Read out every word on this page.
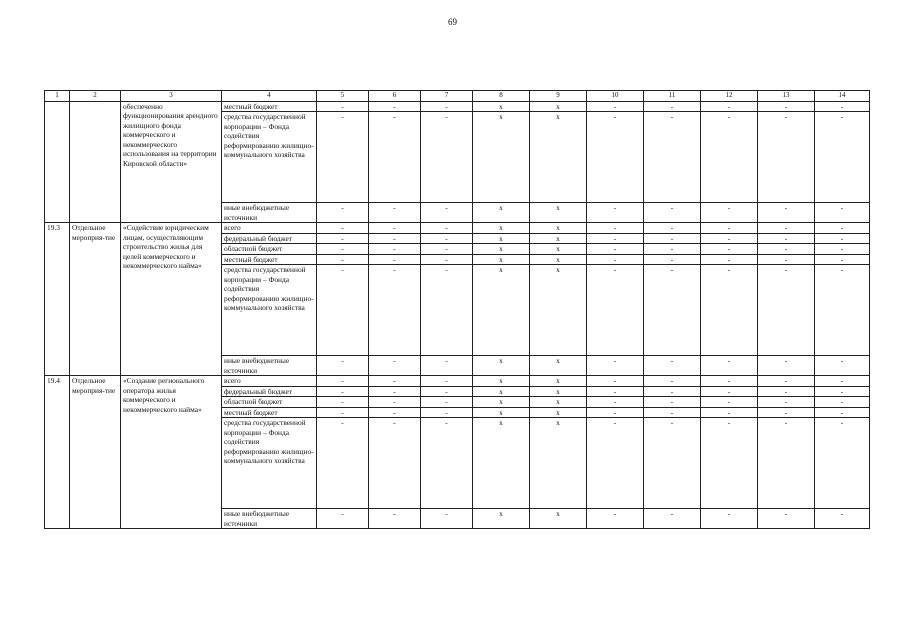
69
1	2	3	4	5	6	7	8	9	10	11	12	13	14
		обеспеченно функционирования арендного жилищного фонда коммерческого и некоммерческого использования на территории Кировской области»	местный бюджет	-	-	-	x	x	-	-	-	-	-
			средства государственной корпорации – Фонда содействия реформированию жилищно-коммунального хозяйства	-	-	-	x	x	-	-	-	-	-
			иные внебюджетные источники	-	-	-	x	x	-	-	-	-	-
19.3	Отдельное мероприя-тие	«Содействие юридическим лицам, осуществляющим строительство жилья для целей коммерческого и некоммерческого найма»	всего	-	-	-	x	x	-	-	-	-	-
			федеральный бюджет	-	-	-	x	x	-	-	-	-	-
			областной бюджет	-	-	-	x	x	-	-	-	-	-
			местный бюджет	-	-	-	x	x	-	-	-	-	-
			средства государственной корпорации – Фонда содействия реформированию жилищно-коммунального хозяйства	-	-	-	x	x	-	-	-	-	-
			иные внебюджетные источники	-	-	-	x	x	-	-	-	-	-
19.4	Отдельное мероприя-тие	«Создание регионального оператора жилья коммерческого и некоммерческого найма»	всего	-	-	-	x	x	-	-	-	-	-
			федеральный бюджет	-	-	-	x	x	-	-	-	-	-
			областной бюджет	-	-	-	x	x	-	-	-	-	-
			местный бюджет	-	-	-	x	x	-	-	-	-	-
			средства государственной корпорации – Фонда содействия реформированию жилищно-коммунального хозяйства	-	-	-	x	x	-	-	-	-	-
			иные внебюджетные источники	-	-	-	x	x	-	-	-	-	-
